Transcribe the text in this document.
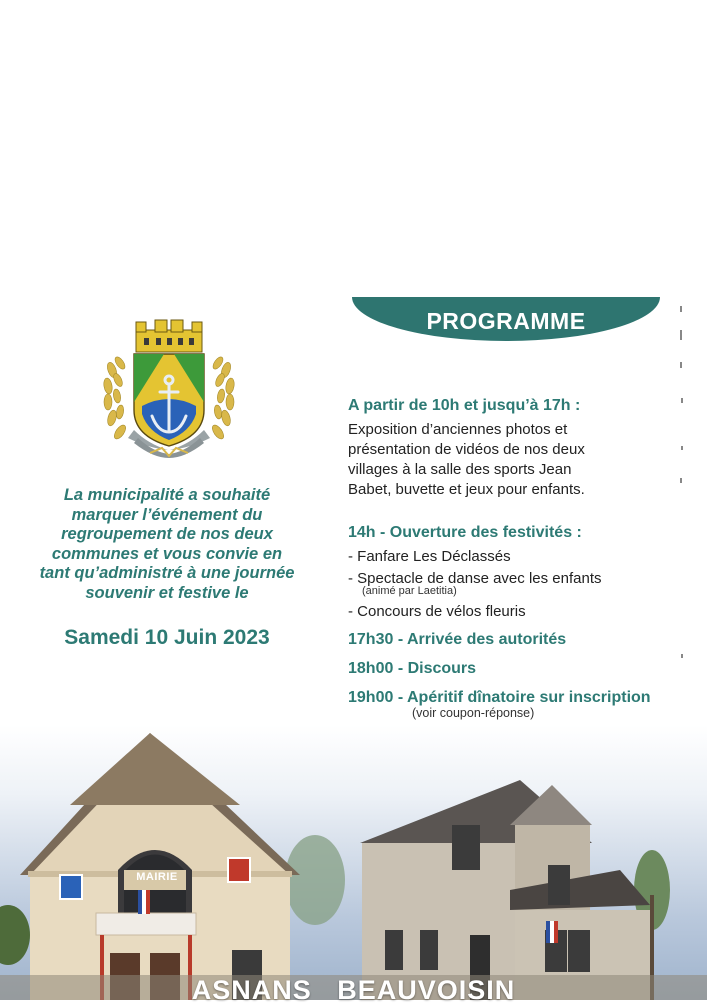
La municipalité a souhaité
marquer l’événement du
regroupement de nos deux
communes et vous convie en
tant qu’administré à une journée
souvenir et festive le
Samedi 10 Juin 2023
PROGRAMME
A partir de 10h et jusqu’à 17h :
Exposition d’anciennes photos et
présentation de vidéos de nos deux
villages à la salle des sports Jean
Babet, buvette et jeux pour enfants.
14h - Ouverture des festivités :
- Fanfare Les Déclassés
- Spectacle de danse avec les enfants
(animé par Laetitia)
- Concours de vélos fleuris
17h30 - Arrivée des autorités
18h00 - Discours
19h00 - Apéritif dînatoire sur inscription
(voir coupon-réponse)
MAIRIE
ASNANS   BEAUVOISIN
